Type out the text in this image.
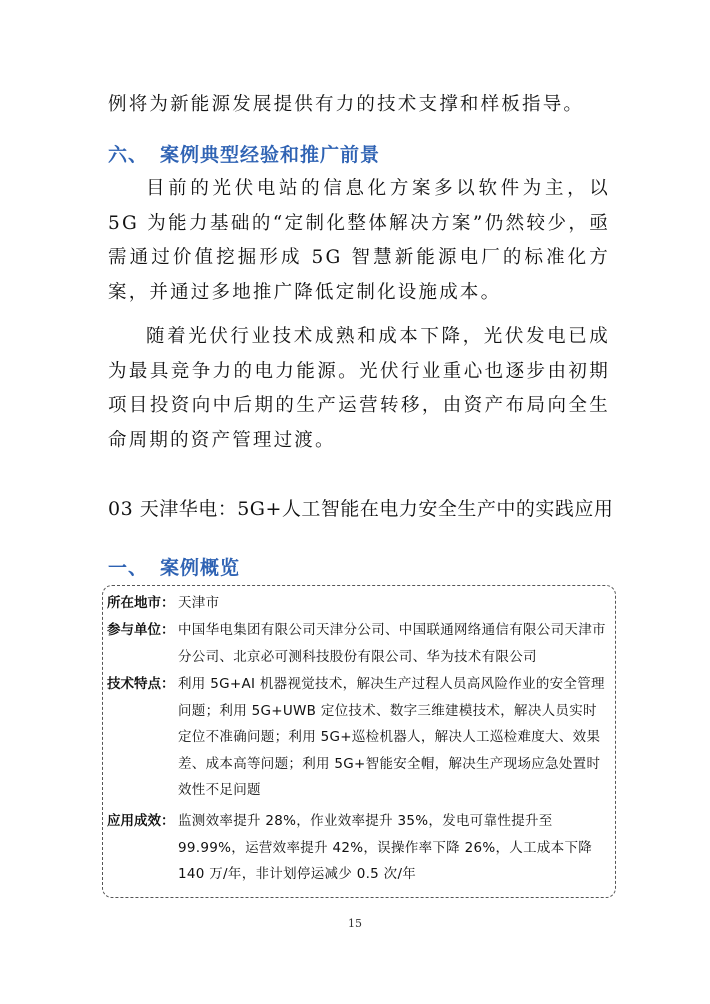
例将为新能源发展提供有力的技术支撑和样板指导。
六、 案例典型经验和推广前景
目前的光伏电站的信息化方案多以软件为主，以 5G 为能力基础的“定制化整体解决方案”仍然较少，亟需通过价值挖掘形成 5G 智慧新能源电厂的标准化方案，并通过多地推广降低定制化设施成本。
随着光伏行业技术成熟和成本下降，光伏发电已成为最具竞争力的电力能源。光伏行业重心也逐步由初期项目投资向中后期的生产运营转移，由资产布局向全生命周期的资产管理过渡。
03 天津华电：5G+人工智能在电力安全生产中的实践应用
一、 案例概览
所在地市： 天津市
参与单位： 中国华电集团有限公司天津分公司、中国联通网络通信有限公司天津市分公司、北京必可测科技股份有限公司、华为技术有限公司
技术特点： 利用 5G+AI 机器视觉技术，解决生产过程人员高风险作业的安全管理问题；利用 5G+UWB 定位技术、数字三维建模技术，解决人员实时定位不准确问题；利用 5G+巡检机器人，解决人工巡检难度大、效果差、成本高等问题；利用 5G+智能安全帽，解决生产现场应急处置时效性不足问题
应用成效： 监测效率提升 28%，作业效率提升 35%，发电可靠性提升至 99.99%，运营效率提升 42%，误操作率下降 26%，人工成本下降 140 万/年，非计划停运减少 0.5 次/年
15
